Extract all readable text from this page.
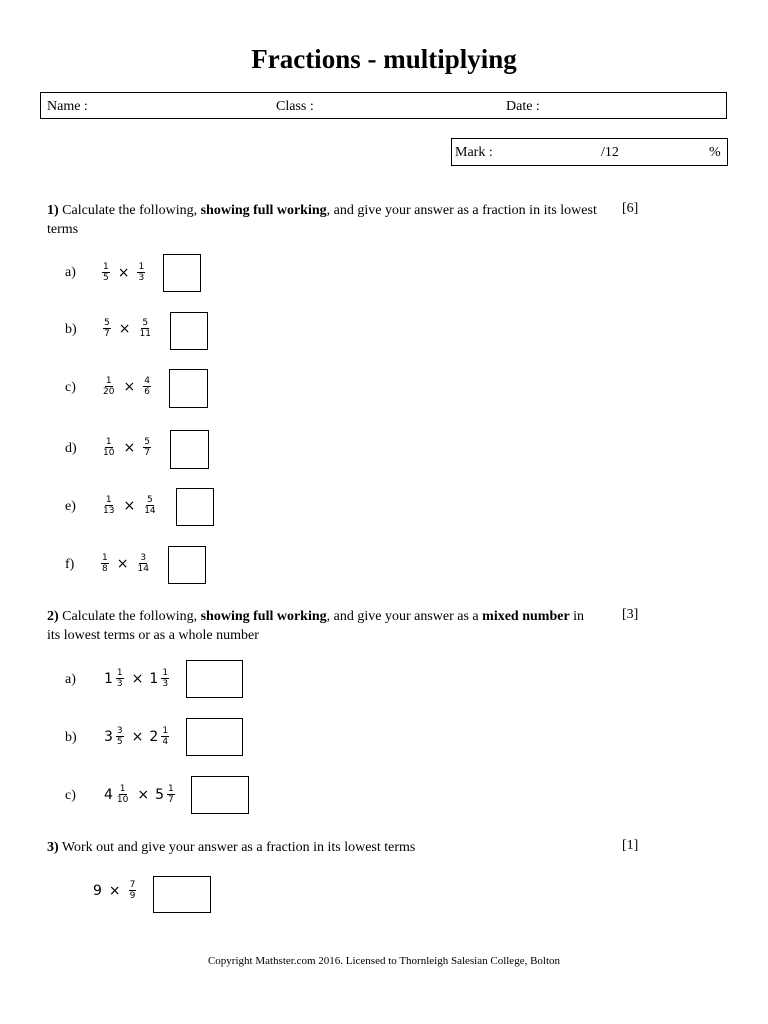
Fractions - multiplying
Name :	Class :	Date :
Mark :	/12	%
1) Calculate the following, showing full working, and give your answer as a fraction in its lowest terms
[6]
a)	$\frac{1}{5} \times \frac{1}{3}$
b)	$\frac{5}{7} \times \frac{5}{11}$
c)	$\frac{1}{20} \times \frac{4}{6}$
d)	$\frac{1}{10} \times \frac{5}{7}$
e)	$\frac{1}{13} \times \frac{5}{14}$
f)	$\frac{1}{8} \times \frac{3}{14}$
2) Calculate the following, showing full working, and give your answer as a mixed number in its lowest terms or as a whole number
[3]
a) $1 \frac{1}{3} \times 1 \frac{1}{3}$
b) $3 \frac{3}{5} \times 2 \frac{1}{4}$
c) $4 \frac{1}{10} \times 5 \frac{1}{7}$
3) Work out and give your answer as a fraction in its lowest terms	[1]
$9 \times \frac{7}{9}$
Copyright Mathster.com 2016. Licensed to Thornleigh Salesian College, Bolton
